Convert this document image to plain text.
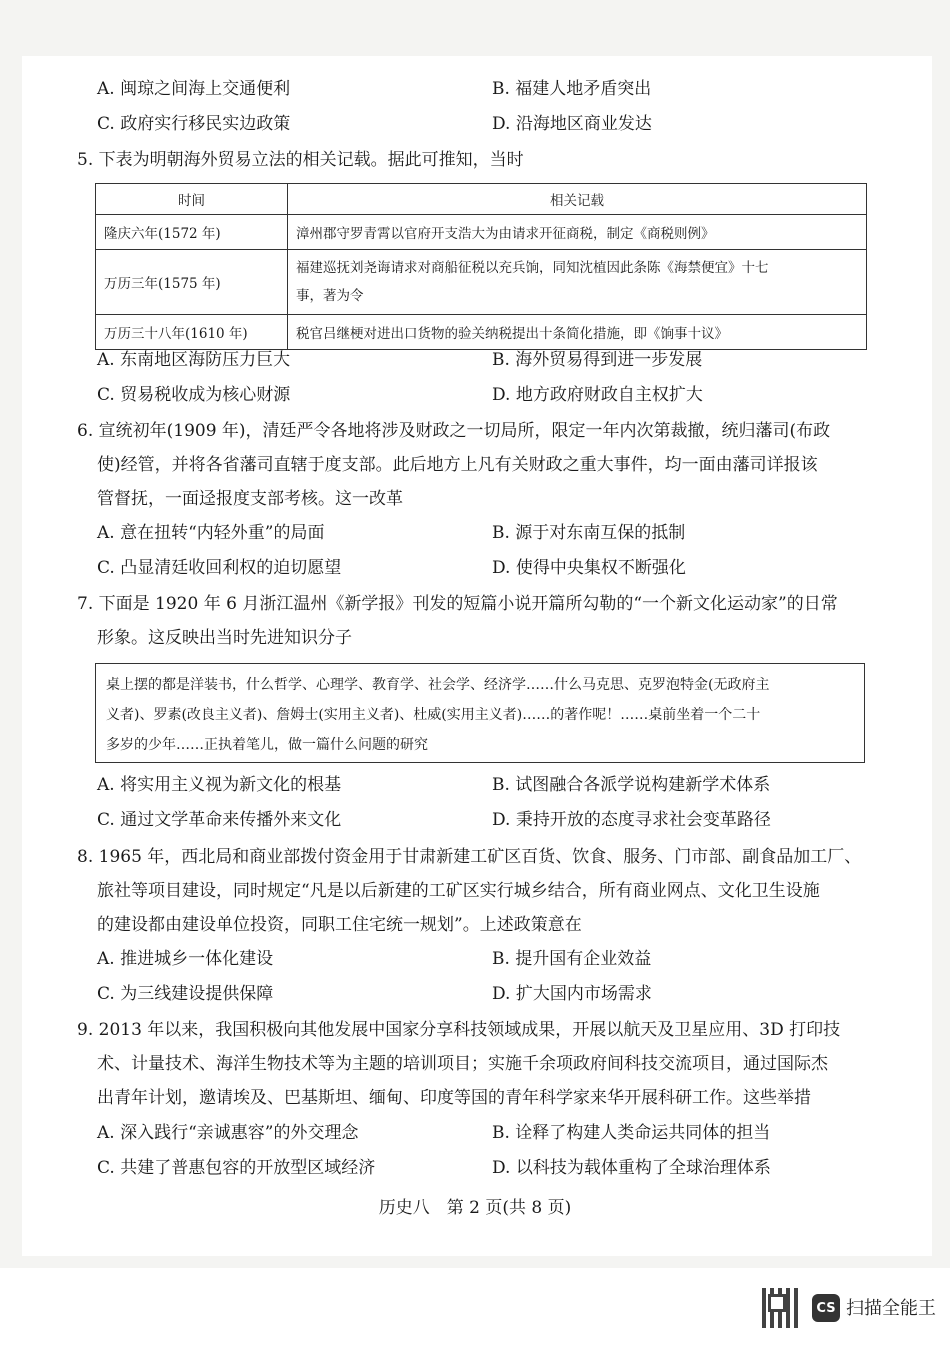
A. 闽琼之间海上交通便利	B. 福建人地矛盾突出
C. 政府实行移民实边政策	D. 沿海地区商业发达
5. 下表为明朝海外贸易立法的相关记载。据此可推知，当时
时间	相关记载
隆庆六年(1572 年)	漳州郡守罗青霄以官府开支浩大为由请求开征商税，制定《商税则例》
万历三年(1575 年)	福建巡抚刘尧诲请求对商船征税以充兵饷，同知沈植因此条陈《海禁便宜》十七
事，著为令

万历三十八年(1610 年)	税官吕继梗对进出口货物的验关纳税提出十条简化措施，即《饷事十议》
A. 东南地区海防压力巨大	B. 海外贸易得到进一步发展
C. 贸易税收成为核心财源	D. 地方政府财政自主权扩大
6. 宣统初年(1909 年)，清廷严令各地将涉及财政之一切局所，限定一年内次第裁撤，统归藩司(布政
使)经管，并将各省藩司直辖于度支部。此后地方上凡有关财政之重大事件，均一面由藩司详报该
管督抚，一面迳报度支部考核。这一改革
A. 意在扭转“内轻外重”的局面	B. 源于对东南互保的抵制
C. 凸显清廷收回利权的迫切愿望	D. 使得中央集权不断强化
7. 下面是 1920 年 6 月浙江温州《新学报》刊发的短篇小说开篇所勾勒的“一个新文化运动家”的日常
形象。这反映出当时先进知识分子
桌上摆的都是洋装书，什么哲学、心理学、教育学、社会学、经济学……什么马克思、克罗泡特金(无政府主
义者)、罗素(改良主义者)、詹姆士(实用主义者)、杜威(实用主义者)……的著作呢！……桌前坐着一个二十
多岁的少年……正执着笔儿，做一篇什么问题的研究
A. 将实用主义视为新文化的根基	B. 试图融合各派学说构建新学术体系
C. 通过文学革命来传播外来文化	D. 秉持开放的态度寻求社会变革路径
8. 1965 年，西北局和商业部拨付资金用于甘肃新建工矿区百货、饮食、服务、门市部、副食品加工厂、
旅社等项目建设，同时规定“凡是以后新建的工矿区实行城乡结合，所有商业网点、文化卫生设施
的建设都由建设单位投资，同职工住宅统一规划”。上述政策意在
A. 推进城乡一体化建设	B. 提升国有企业效益
C. 为三线建设提供保障	D. 扩大国内市场需求
9. 2013 年以来，我国积极向其他发展中国家分享科技领域成果，开展以航天及卫星应用、3D 打印技
术、计量技术、海洋生物技术等为主题的培训项目；实施千余项政府间科技交流项目，通过国际杰
出青年计划，邀请埃及、巴基斯坦、缅甸、印度等国的青年科学家来华开展科研工作。这些举措
A. 深入践行“亲诚惠容”的外交理念	B. 诠释了构建人类命运共同体的担当
C. 共建了普惠包容的开放型区域经济	D. 以科技为载体重构了全球治理体系
历史八　第 2 页(共 8 页)
CS 扫描全能王
